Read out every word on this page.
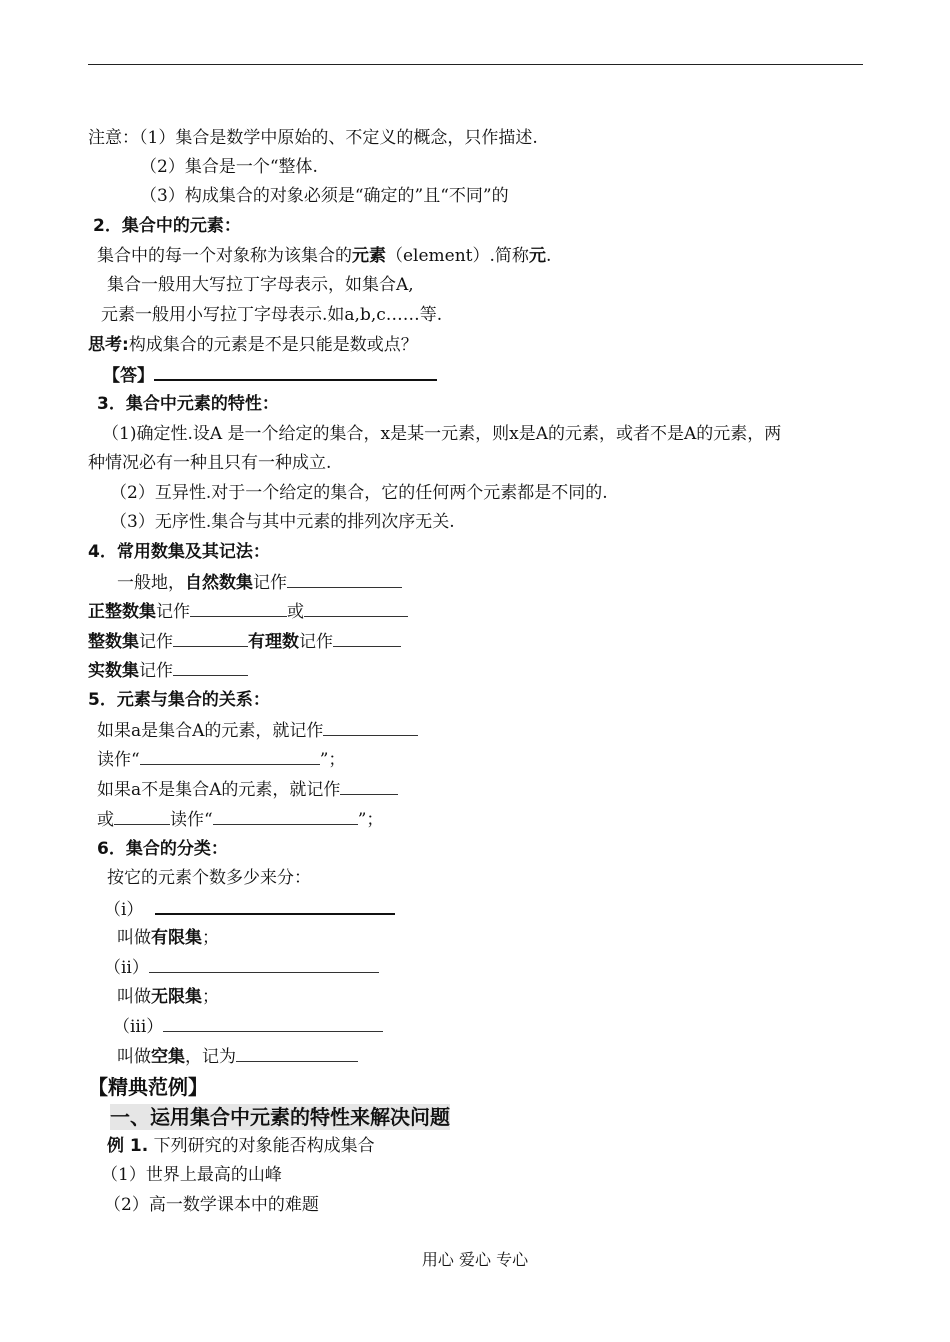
注意：（1）集合是数学中原始的、不定义的概念，只作描述.
（2）集合是一个“整体.
（3）构成集合的对象必须是“确定的”且“不同”的
2．集合中的元素：
集合中的每一个对象称为该集合的元素（element）.简称元.
集合一般用大写拉丁字母表示，如集合A,
元素一般用小写拉丁字母表示.如a,b,c……等.
思考:构成集合的元素是不是只能是数或点？
【答】
3．集合中元素的特性：
（1)确定性.设A 是一个给定的集合，x是某一元素，则x是A的元素，或者不是A的元素，两
种情况必有一种且只有一种成立.
（2）互异性.对于一个给定的集合，它的任何两个元素都是不同的.
（3）无序性.集合与其中元素的排列次序无关.
4．常用数集及其记法：
一般地，自然数集记作
正整数集记作	或
整数集记作	有理数记作
实数集记作
5．元素与集合的关系：
如果a是集合A的元素，就记作
读作“	”；
如果a不是集合A的元素，就记作
或	读作“	”；
6．集合的分类：
按它的元素个数多少来分：
（i）
叫做有限集；
（ii）
叫做无限集；
（iii）
叫做空集，记为
【精典范例】
一、运用集合中元素的特性来解决问题
例 1. 下列研究的对象能否构成集合
（1）世界上最高的山峰
（2）高一数学课本中的难题
用心 爱心 专心
